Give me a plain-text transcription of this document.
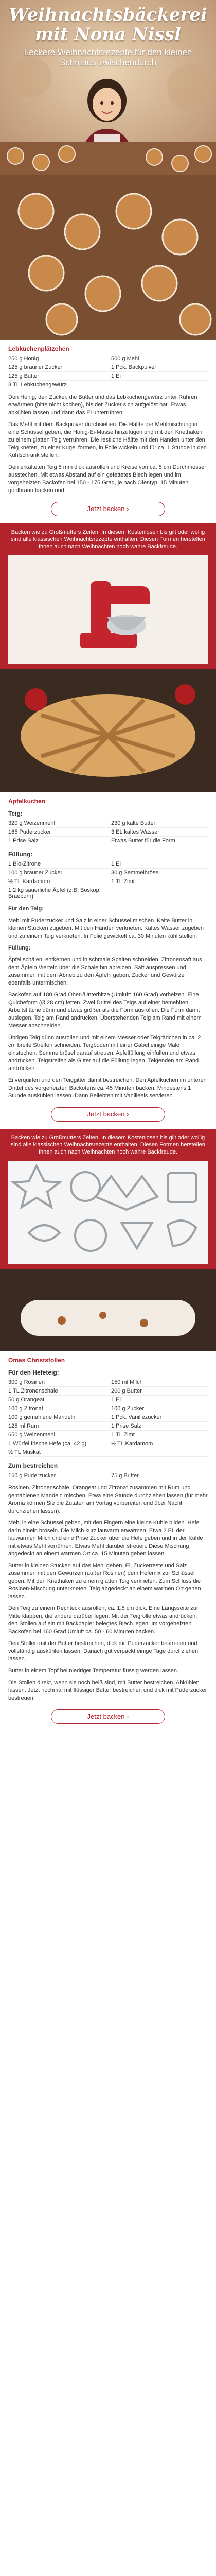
Weihnachtsbäckerei
mit Nona Nissl
Leckere Weihnachtsrezepte für den kleinen Schmaus zwischendurch
Lebkuchenplätzchen
250 g Honig	500 g Mehl
125 g brauner Zucker	1 Pck. Backpulver
125 g Butter	1 Ei
3 TL Lebkuchengewürz	

Den Honig, den Zucker, die Butter und das Lebkuchengewürz unter Rühren erwärmen (bitte nicht kochen), bis der Zucker sich aufgelöst hat. Etwas abkühlen lassen und dann das Ei unterrühren.

Das Mehl mit dem Backpulver durchsieben. Die Hälfte der Mehlmischung in eine Schüssel geben, die Honig-Ei-Masse hinzufügen und mit den Knethaken zu einem glatten Teig verrühren. Die restliche Hälfte mit den Händen unter den Teig kneten, zu einer Kugel formen, in Folie wickeln und für ca. 1 Stunde in den Kühlschrank stellen.

Den erkalteten Teig 5 mm dick ausrollen und Kreise von ca. 5 cm Durchmesser ausstechen. Mit etwas Abstand auf ein gefettetes Blech legen und im vorgeheizten Backofen bei 150 - 175 Grad, je nach Ofentyp, 15 Minuten goldbraun backen und

Jetzt backen ›
Backen wie zu Großmutters Zeiten. In diesem Kostenlosen bis gilt oder wollig sind alle klassischen Weihnachtsrezepte enthalten. Diesen Formen herstellen Ihnen auch nach Weihnachten noch wahre Backfreude.
Apfelkuchen
Teig:
320 g Weizenmehl	230 g kalte Butter
165 Puderzucker	3 EL kaltes Wasser
1 Prise Salz	Etwas Butter für die Form
Füllung:
1 Bio-Zitrone	1 Ei
100 g brauner Zucker	30 g Semmelbrösel
½ TL Kardamom	1 TL Zimt
1,2 kg säuerliche Äpfel (z.B. Boskop, Braeburn)	

Für den Teig:

Mehl mit Puderzucker und Salz in einer Schüssel mischen. Kalte Butter in kleinen Stücken zugeben. Mit den Händen verkneten. Kaltes Wasser zugeben und zu einem Teig verkneten. In Folie gewickelt ca. 30 Minuten kühl stellen.

Füllung:

Äpfel schälen, entkernen und in schmale Spalten schneiden. Zitronensaft aus dem Äpfeln Vierteln über die Schale hin abreiben. Saft auspressen und zusammen mit dem Abrieb zu den Äpfeln geben. Zucker und Gewürze ebenfalls untermischen.

Backofen auf 180 Grad Ober-/Unterhitze (Umluft: 160 Grad) vorheizen. Eine Quicheform (Ø 28 cm) fetten. Zwei Drittel des Teigs auf einer bemehlten Arbeitsfläche dünn und etwas größer als die Form ausrollen. Die Form damit auslegen. Teig am Rand andrücken. Überstehenden Teig am Rand mit einem Messer abschneiden.

Übrigen Teig dünn ausrollen und mit einem Messer oder Teigrädchen in ca. 2 cm breite Streifen schneiden. Teigboden mit einer Gabel einige Male einstechen. Semmelbrösel darauf streuen. Apfelfüllung einfüllen und etwas andrücken. Teigstreifen als Gitter auf die Füllung legen. Teigenden am Rand andrücken.

Ei verquirlen und den Teiggitter damit bestreichen. Den Apfelkuchen im unteren Drittel des vorgeheizten Backofens ca. 45 Minuten backen. Mindestens 1 Stunde auskühlen lassen. Dann Beliebten mit Vanilleeis servieren.

Jetzt backen ›
Backen wie zu Großmutters Zeiten. In diesem Kostenlosen bis gilt oder wollig sind alle klassischen Weihnachtsrezepte enthalten. Diesen Formen herstellen Ihnen auch nach Weihnachten noch wahre Backfreude.
Omas Christstollen
Für den Hefeteig:
300 g Rosinen	150 ml Milch
1 TL Zitronenschale	200 g Butter
50 g Orangeat	1 Ei
100 g Zitronat	100 g Zucker
100 g gemahlene Mandeln	1 Pck. Vanillezucker
125 ml Rum	1 Prise Salz
650 g Weizenmehl	1 TL Zimt
1 Würfel frische Hefe (ca. 42 g)	½ TL Kardamom
½ TL Muskat	
Zum bestreichen
150 g Puderzucker	75 g Butter

Rosinen, Zitronenschale, Orangeat und Zitronat zusammen mit Rum und gemahlenen Mandeln mischen. Etwa eine Stunde durchziehen lassen (für mehr Aroma können Sie die Zutaten am Vortag vorbereiten und über Nacht durchziehen lassen).

Mehl in eine Schüssel geben, mit den Fingern eine kleine Kuhle bilden. Hefe darin hinein bröseln. Die Milch kurz lauwarm erwärmen. Etwa 2 EL der lauwarmen Milch und eine Prise Zucker über die Hefe geben und in der Kuhle mit etwas Mehl verrühren. Etwas Mehl darüber streuen. Diese Mischung abgedeckt an einem warmen Ort ca. 15 Minuten gehen lassen.

Butter in kleinen Stücken auf das Mehl geben. Ei, Zuckerreste und Salz zusammen mit den Gewürzen (außer Rosinen) dem Hefemix zur Schüssel geben. Mit den Knethaken zu einem glatten Teig verkneten. Zum Schluss die Rosinen-Mischung unterkneten. Teig abgedeckt an einem warmen Ort gehen lassen.

Den Teig zu einem Rechteck ausrollen, ca. 1,5 cm dick. Eine Längsseite zur Mitte klappen, die andere darüber legen. Mit der Teigrolle etwas andrücken, den Stollen auf ein mit Backpapier belegtes Blech legen. Im vorgeheizten Backofen bei 160 Grad Umluft ca. 50 - 60 Minuten backen.

Den Stollen mit der Butter bestreichen, dick mit Puderzucker bestreuen und vollständig auskühlen lassen. Danach gut verpackt einige Tage durchziehen lassen.

Butter in einem Topf bei niedriger Temperatur flüssig werden lassen.

Die Stollen direkt, wenn sie noch heiß sind, mit Butter bestreichen. Abkühlen lassen. Jetzt nochmal mit flüssiger Butter bestreichen und dick mit Puderzucker bestreuen.

Jetzt backen ›
